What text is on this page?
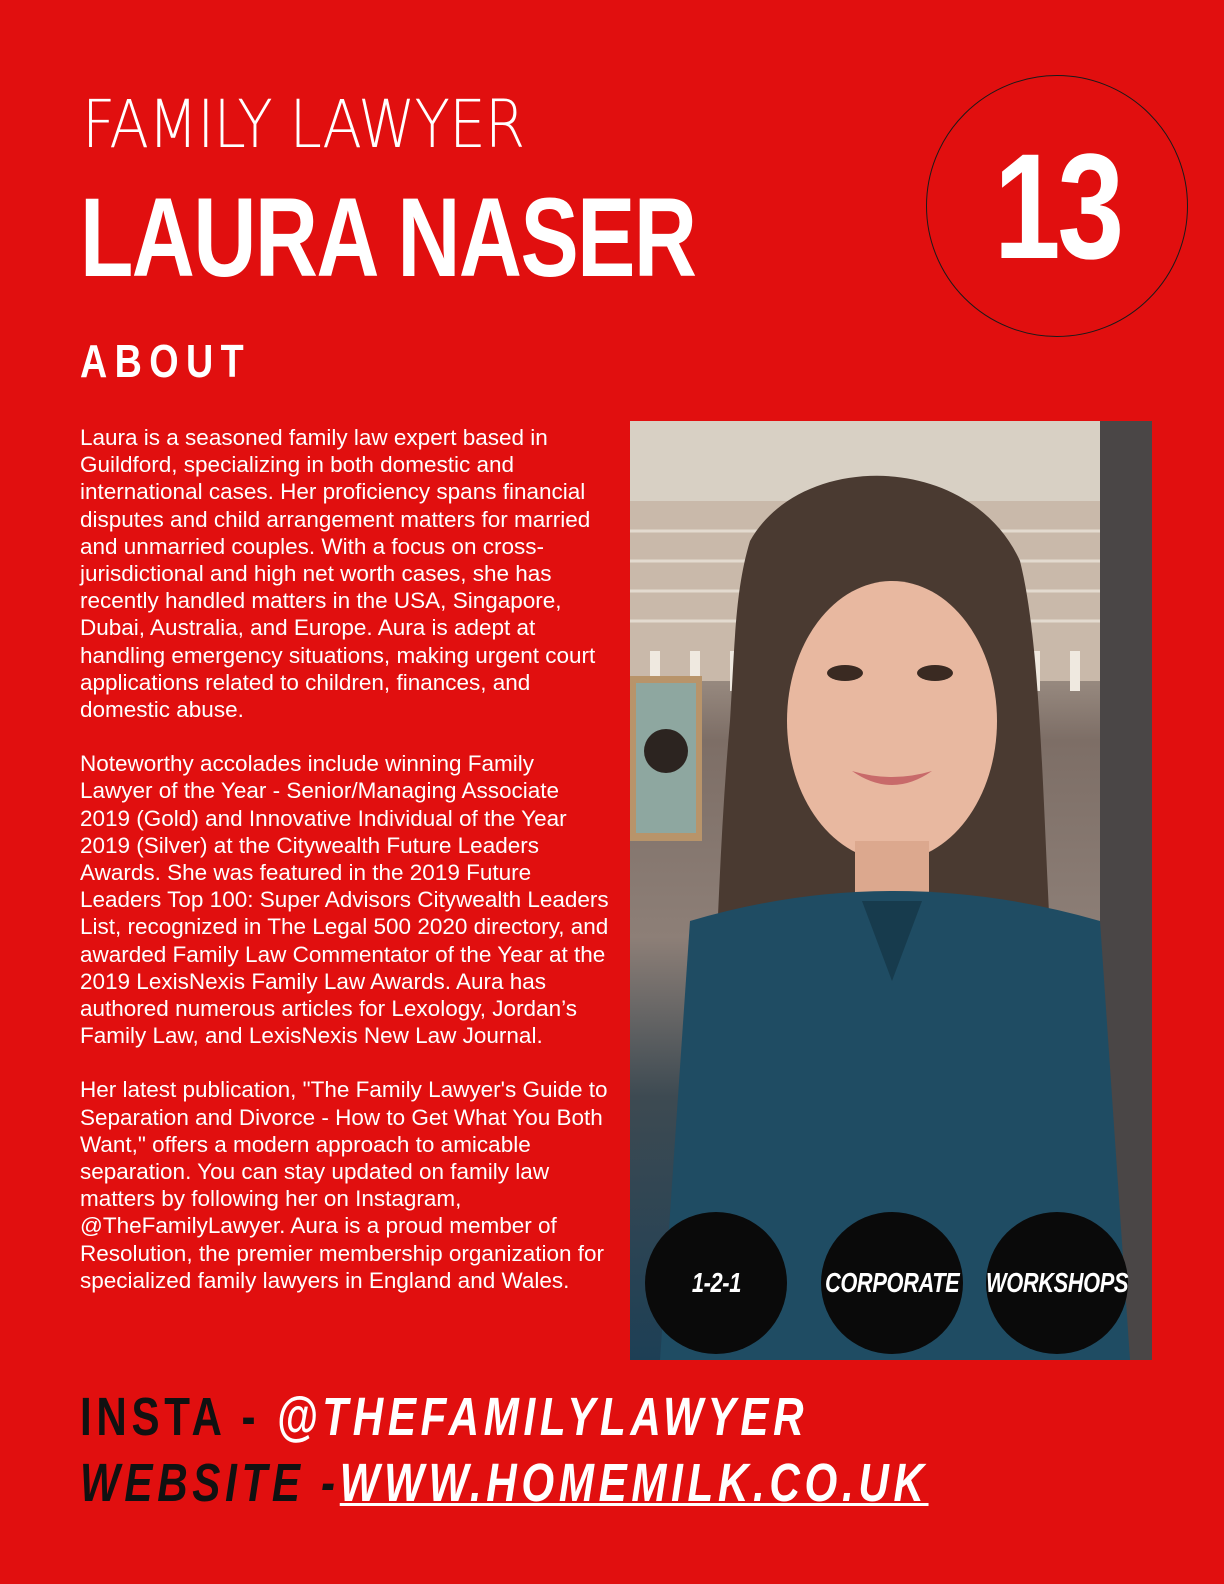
FAMILY LAWYER
LAURA NASER
ABOUT
13

Laura is a seasoned family law expert based in Guildford, specializing in both domestic and international cases. Her proficiency spans financial disputes and child arrangement matters for married and unmarried couples. With a focus on cross-jurisdictional and high net worth cases, she has recently handled matters in the USA, Singapore, Dubai, Australia, and Europe. Aura is adept at handling emergency situations, making urgent court applications related to children, finances, and domestic abuse.

Noteworthy accolades include winning Family Lawyer of the Year - Senior/Managing Associate 2019 (Gold) and Innovative Individual of the Year 2019 (Silver) at the Citywealth Future Leaders Awards. She was featured in the 2019 Future Leaders Top 100: Super Advisors Citywealth Leaders List, recognized in The Legal 500 2020 directory, and awarded Family Law Commentator of the Year at the 2019 LexisNexis Family Law Awards. Aura has authored numerous articles for Lexology, Jordan’s Family Law, and LexisNexis New Law Journal.

Her latest publication, "The Family Lawyer's Guide to Separation and Divorce - How to Get What You Both Want," offers a modern approach to amicable separation. You can stay updated on family law matters by following her on Instagram, @TheFamilyLawyer. Aura is a proud member of Resolution, the premier membership organization for specialized family lawyers in England and Wales.	1-2-1	CORPORATE WORKSHOPS
INSTA - @THEFAMILYLAWYER
WEBSITE -WWW.HOMEMILK.CO.UK
